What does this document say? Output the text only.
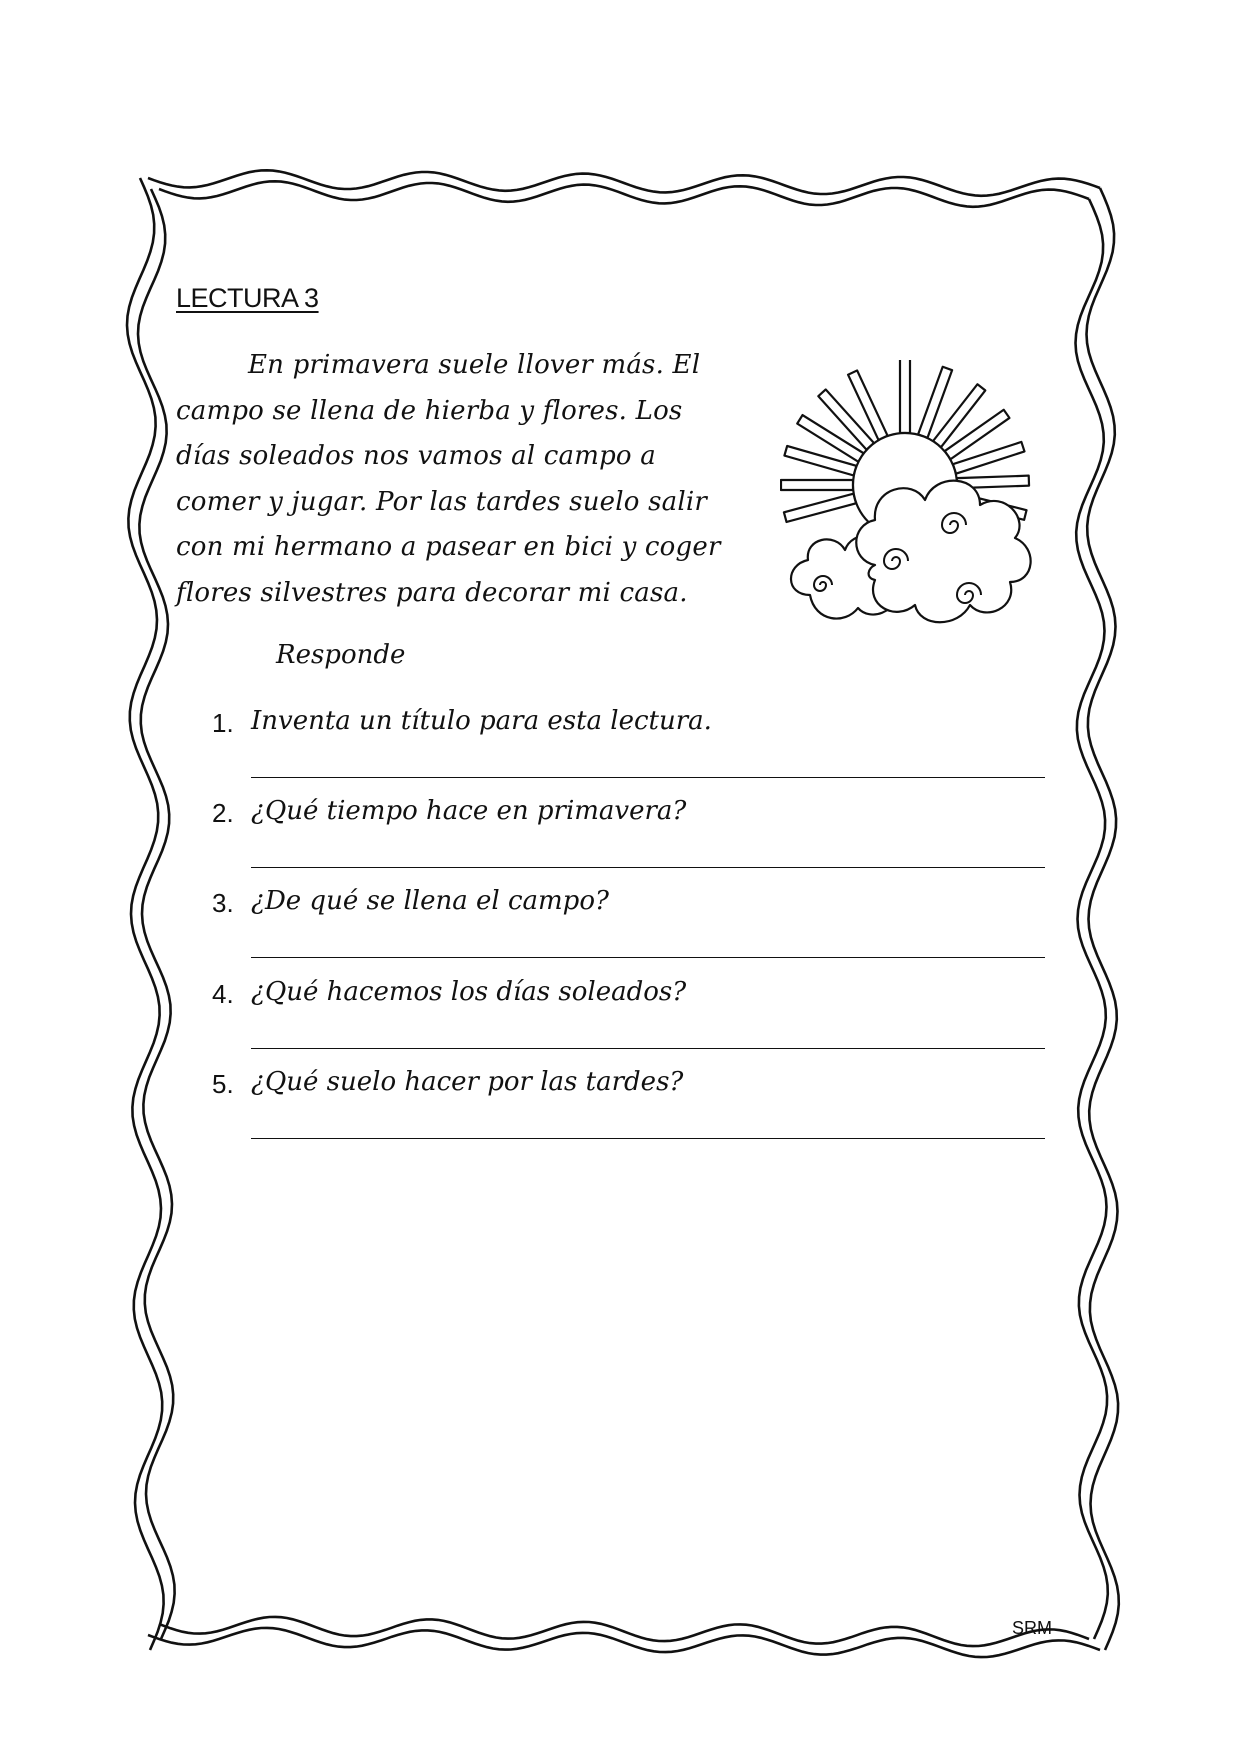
LECTURA 3

En primavera suele llover más. El campo se llena de hierba y flores. Los días soleados nos vamos al campo a comer y jugar. Por las tardes suelo salir con mi hermano a pasear en bici y coger flores silvestres para decorar mi casa.

Responde
1. Inventa un título para esta lectura.
2. ¿Qué tiempo hace en primavera?
3. ¿De qué se llena el campo?
4. ¿Qué hacemos los días soleados?
5. ¿Qué suelo hacer por las tardes?
SRM
